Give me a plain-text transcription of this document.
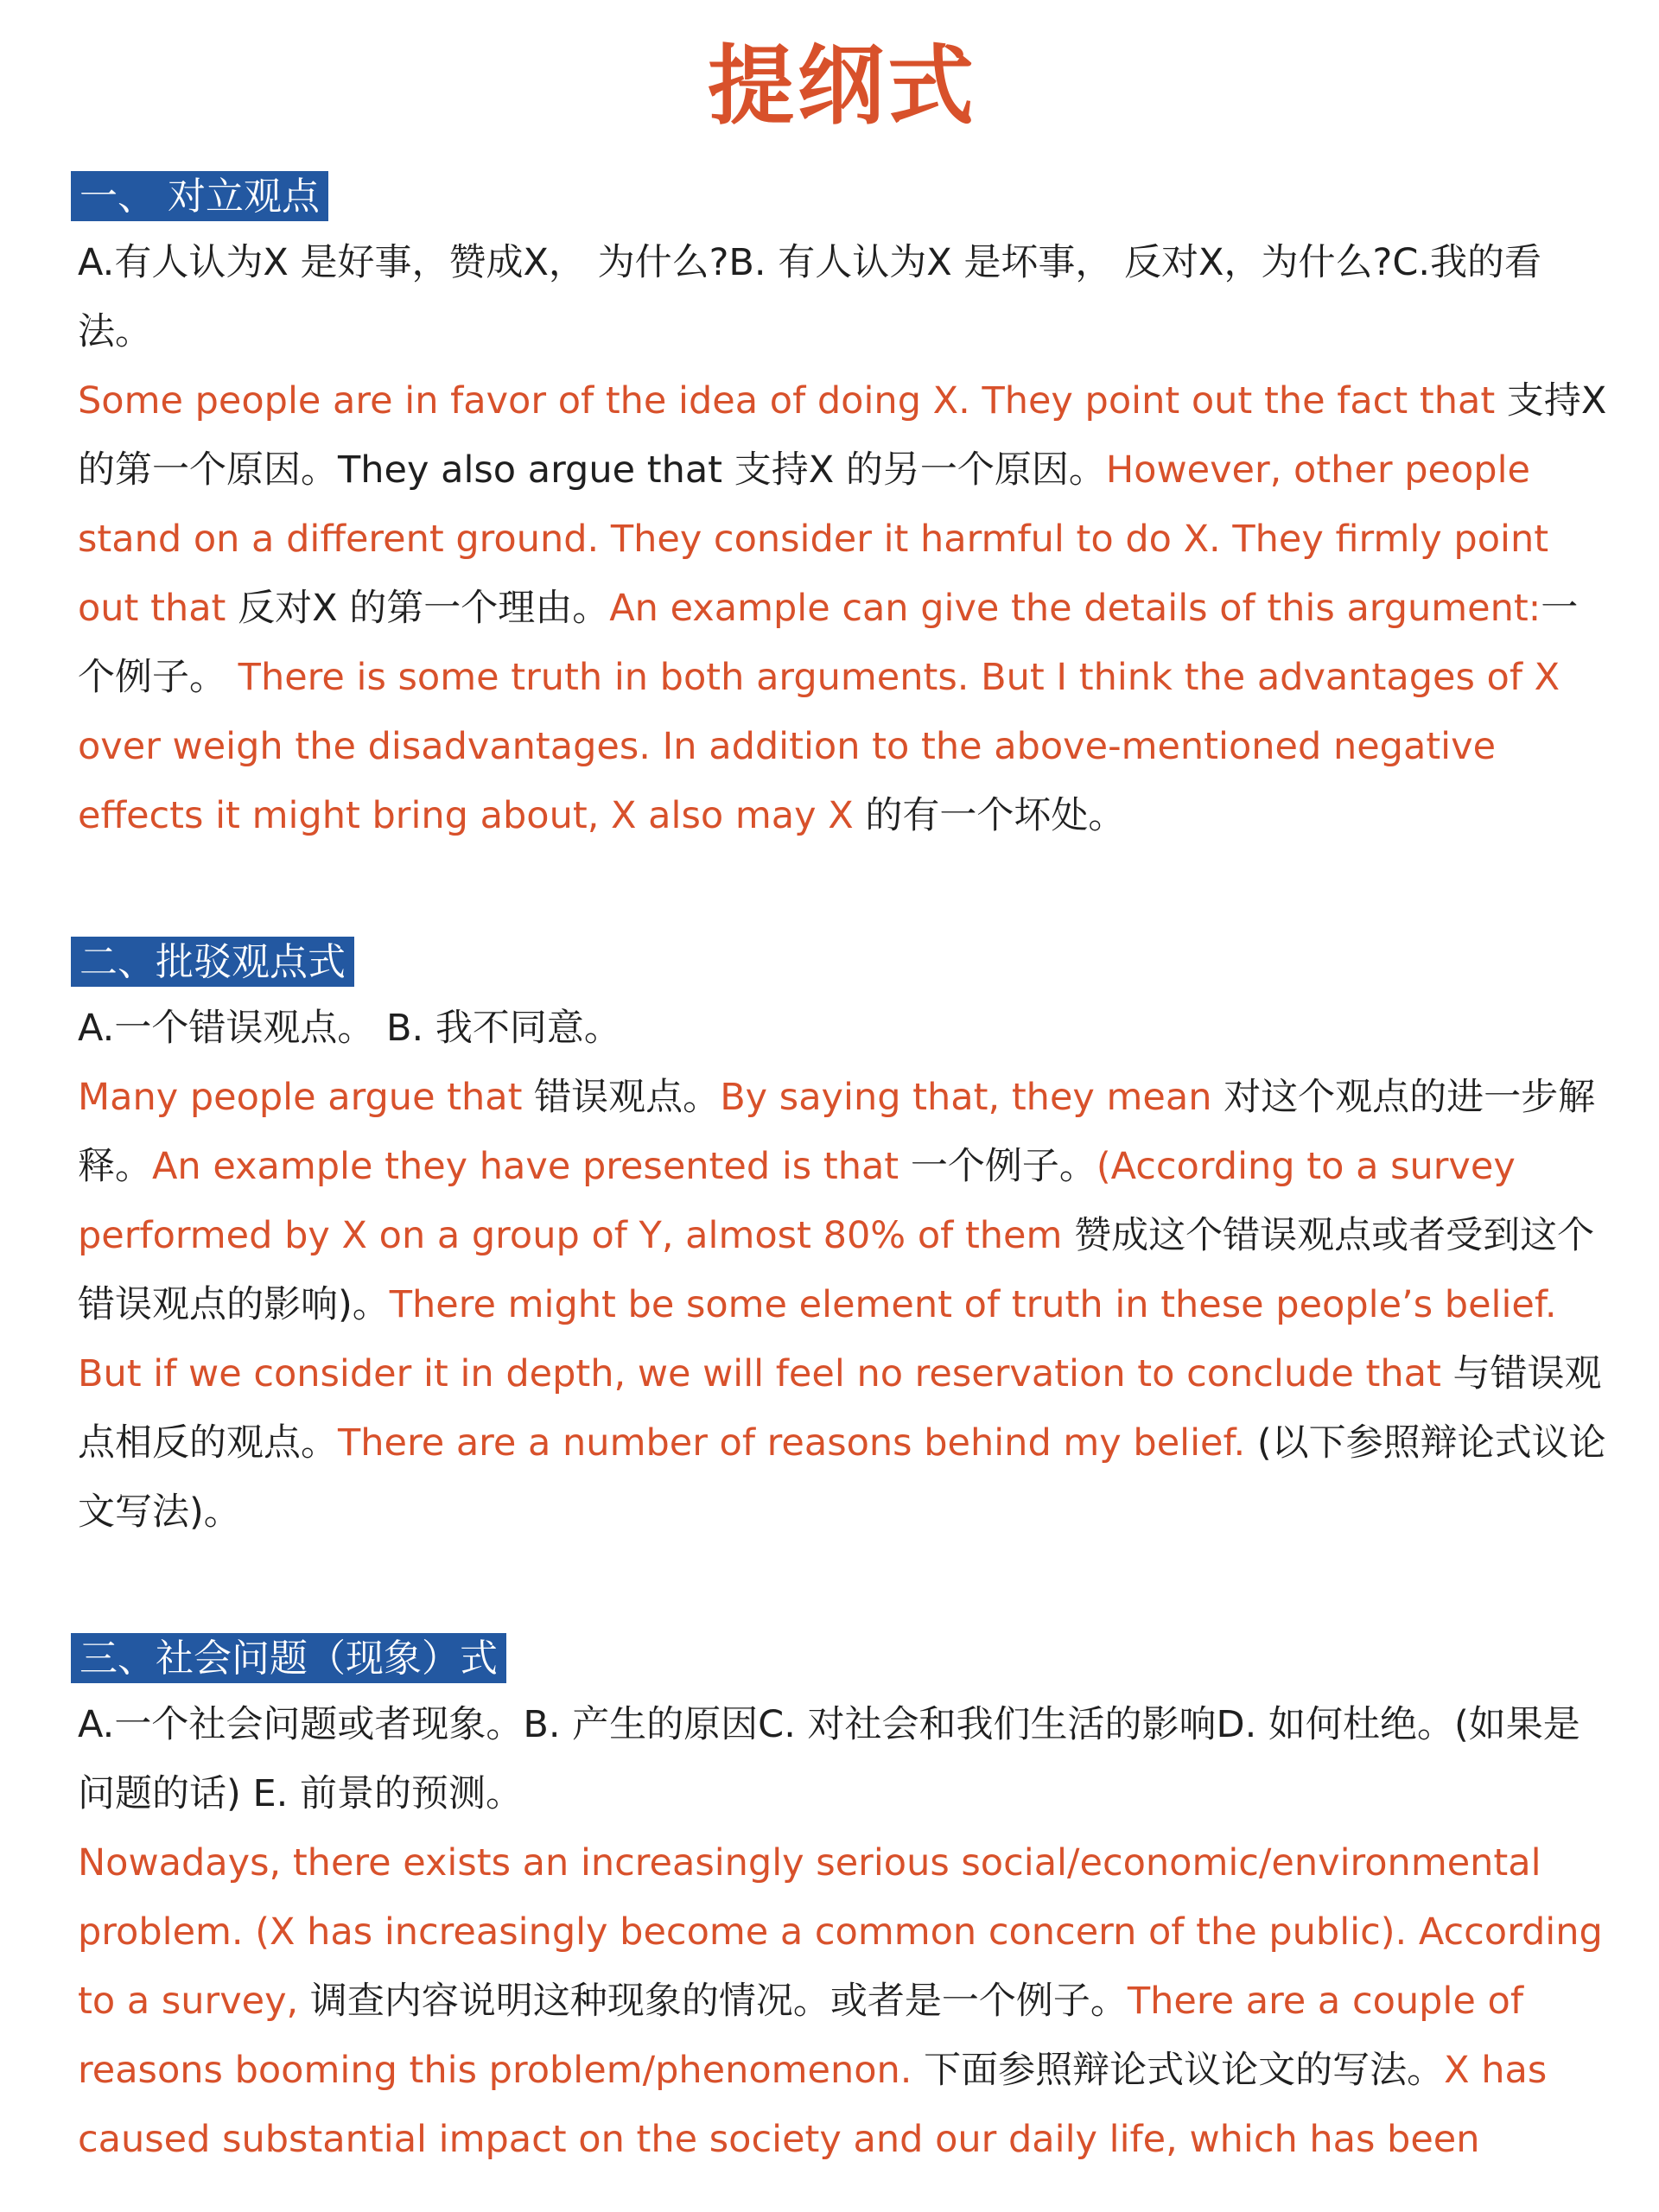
提纲式
一、 对立观点

A.有人认为X 是好事，赞成X， 为什么?B. 有人认为X 是坏事， 反对X，为什么?C.我的看法。

Some people are in favor of the idea of doing X. They point out the fact that 支持X 的第一个原因。They also argue that 支持X 的另一个原因。However, other people stand on a different ground. They consider it harmful to do X. They firmly point out that 反对X 的第一个理由。An example can give the details of this argument:一个例子。 There is some truth in both arguments. But I think the advantages of X over weigh the disadvantages. In addition to the above-mentioned negative effects it might bring about, X also may X 的有一个坏处。

二、批驳观点式

A.一个错误观点。 B. 我不同意。

Many people argue that 错误观点。By saying that, they mean 对这个观点的进一步解释。An example they have presented is that 一个例子。(According to a survey performed by X on a group of Y, almost 80% of them 赞成这个错误观点或者受到这个错误观点的影响)。There might be some element of truth in these people’s belief. But if we consider it in depth, we will feel no reservation to conclude that 与错误观点相反的观点。There are a number of reasons behind my belief. (以下参照辩论式议论文写法)。

三、社会问题（现象）式

A.一个社会问题或者现象。B. 产生的原因C. 对社会和我们生活的影响D. 如何杜绝。(如果是问题的话) E. 前景的预测。

Nowadays, there exists an increasingly serious social/economic/environmental problem. (X has increasingly become a common concern of the public). According to a survey, 调查内容说明这种现象的情况。或者是一个例子。There are a couple of reasons booming this problem/phenomenon. 下面参照辩论式议论文的写法。X has caused substantial impact on the society and our daily life, which has been
